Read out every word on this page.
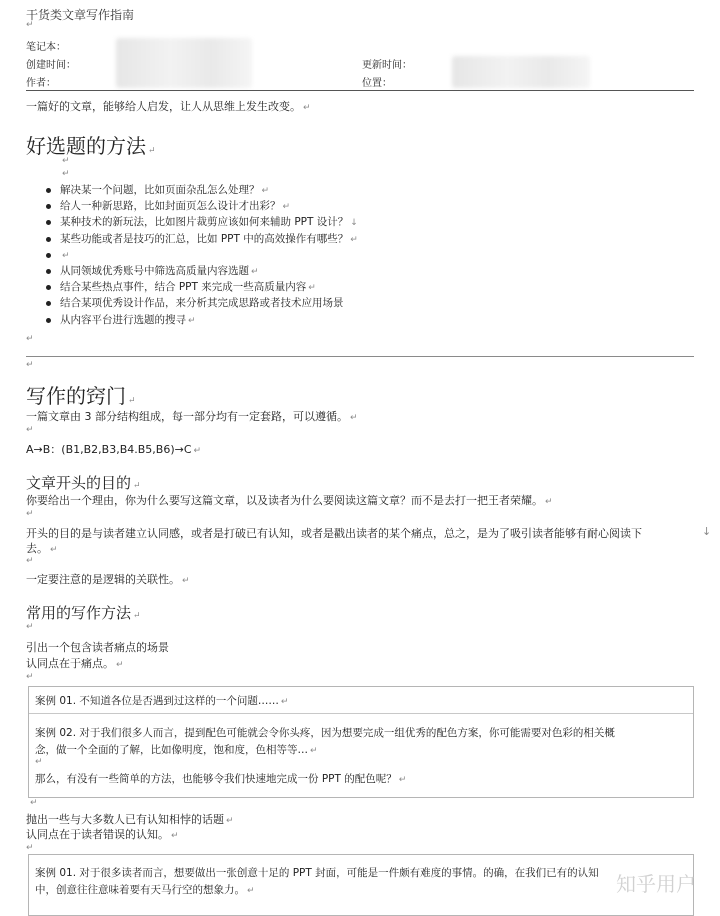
干货类文章写作指南
↵
笔记本：
创建时间：
作者：
更新时间：
位置：
一篇好的文章，能够给人启发，让人从思维上发生改变。 ↵
好选题的方法 ↵
↵
↵
解决某一个问题，比如页面杂乱怎么处理？ ↵
给人一种新思路，比如封面页怎么设计才出彩？ ↵
某种技术的新玩法，比如图片裁剪应该如何来辅助 PPT 设计？ ↓
某些功能或者是技巧的汇总，比如 PPT 中的高效操作有哪些？ ↵
↵
从同领域优秀账号中筛选高质量内容选题 ↵
结合某些热点事件，结合 PPT 来完成一些高质量内容 ↵
结合某项优秀设计作品，来分析其完成思路或者技术应用场景
从内容平台进行选题的搜寻 ↵
↵
↵
写作的窍门 ↵
一篇文章由 3 部分结构组成，每一部分均有一定套路，可以遵循。 ↵
↵
A→B：(B1,B2,B3,B4.B5,B6)→C ↵
文章开头的目的 ↵
你要给出一个理由，你为什么要写这篇文章，以及读者为什么要阅读这篇文章？而不是去打一把王者荣耀。 ↵
↵
开头的目的是与读者建立认同感，或者是打破已有认知，或者是戳出读者的某个痛点，总之，是为了吸引读者能够有耐心阅读下	↓
去。 ↵
↵
一定要注意的是逻辑的关联性。 ↵
常用的写作方法 ↵
↵
引出一个包含读者痛点的场景
认同点在于痛点。 ↵
↵
案例 01. 不知道各位是否遇到过这样的一个问题…… ↵
案例 02. 对于我们很多人而言，提到配色可能就会令你头疼，因为想要完成一组优秀的配色方案，你可能需要对色彩的相关概
念，做一个全面的了解，比如像明度，饱和度，色相等等… ↵
↵
那么，有没有一些简单的方法，也能够令我们快速地完成一份 PPT 的配色呢？ ↵
↵
抛出一些与大多数人已有认知相悖的话题 ↵
认同点在于读者错误的认知。 ↵
↵
案例 01. 对于很多读者而言，想要做出一张创意十足的 PPT 封面，可能是一件颇有难度的事情。的确，在我们已有的认知
中，创意往往意味着要有天马行空的想象力。 ↵	知乎用户
